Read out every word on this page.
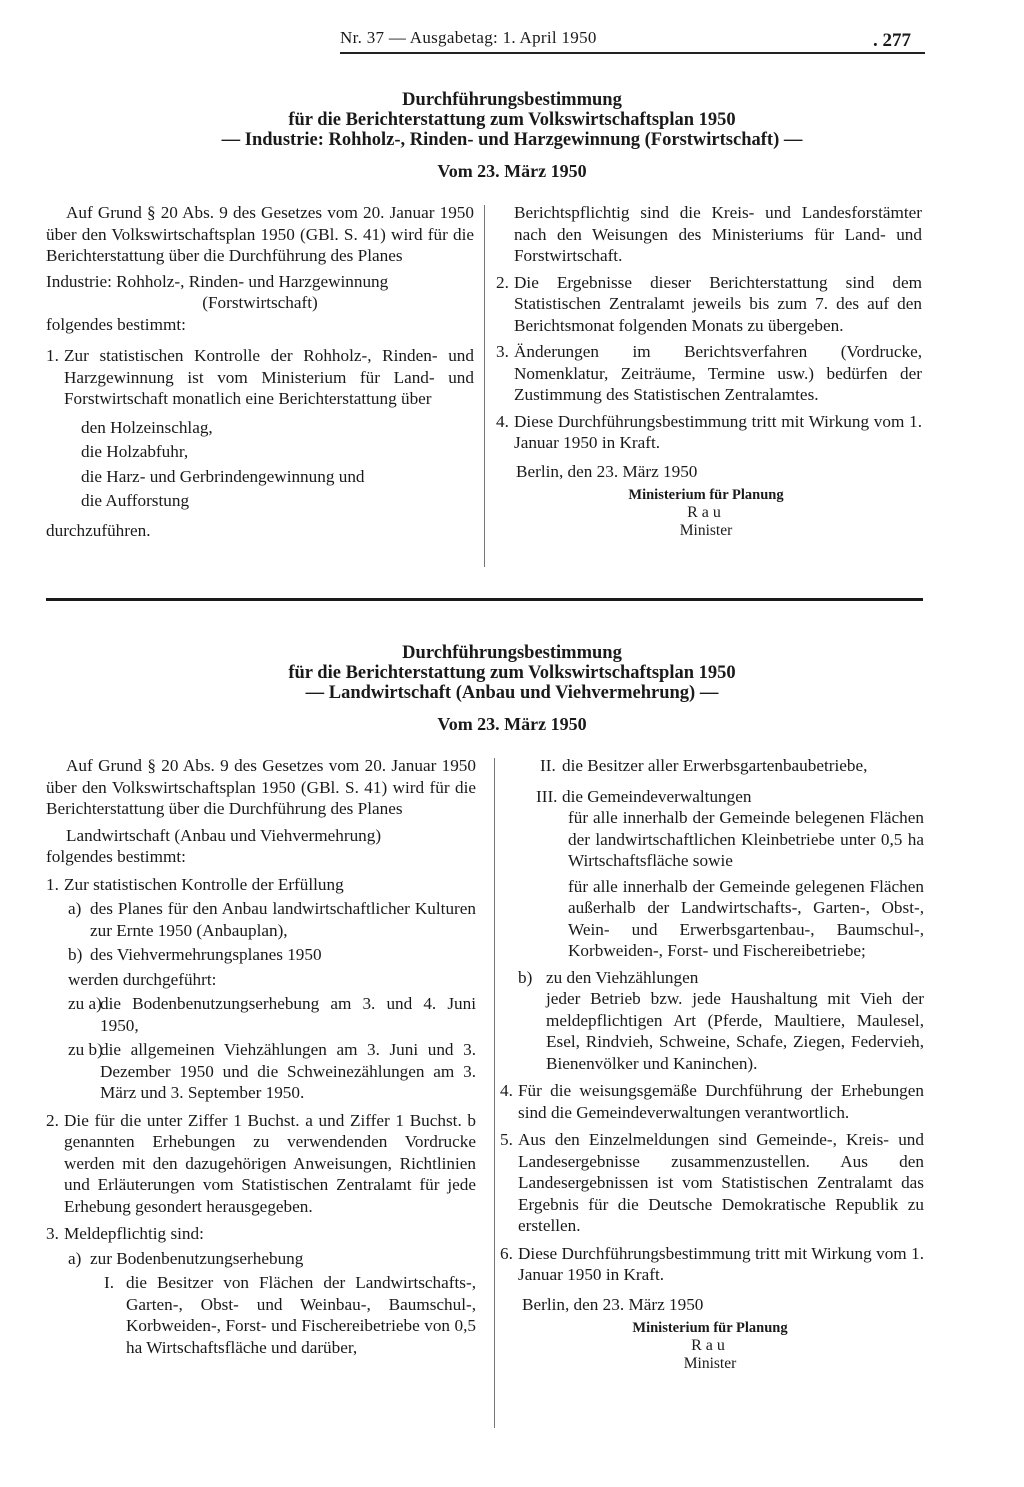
Nr. 37 — Ausgabetag: 1. April 1950	. 277
Durchführungsbestimmung
für die Berichterstattung zum Volkswirtschaftsplan 1950
— Industrie: Rohholz-, Rinden- und Harzgewinnung (Forstwirtschaft) —
Vom 23. März 1950

Auf Grund § 20 Abs. 9 des Gesetzes vom 20. Januar 1950 über den Volkswirtschaftsplan 1950 (GBl. S. 41) wird für die Berichterstattung über die Durchführung des Planes

Industrie: Rohholz-, Rinden- und Harzgewinnung

(Forstwirtschaft)

folgendes bestimmt:

1. Zur statistischen Kontrolle der Rohholz-, Rinden- und Harzgewinnung ist vom Ministerium für Land- und Forstwirtschaft monatlich eine Berichterstattung über
den Holzeinschlag,
die Holzabfuhr,
die Harz- und Gerbrindengewinnung und
die Aufforstung

durchzuführen.

Berichtspflichtig sind die Kreis- und Landesforstämter nach den Weisungen des Ministeriums für Land- und Forstwirtschaft.

2. Die Ergebnisse dieser Berichterstattung sind dem Statistischen Zentralamt jeweils bis zum 7. des auf den Berichtsmonat folgenden Monats zu übergeben.
3. Änderungen im Berichtsverfahren (Vordrucke, Nomenklatur, Zeiträume, Termine usw.) bedürfen der Zustimmung des Statistischen Zentralamtes.
4. Diese Durchführungsbestimmung tritt mit Wirkung vom 1. Januar 1950 in Kraft.

Berlin, den 23. März 1950

Ministerium für Planung
Rau
Minister
Durchführungsbestimmung
für die Berichterstattung zum Volkswirtschaftsplan 1950
— Landwirtschaft (Anbau und Viehvermehrung) —
Vom 23. März 1950

Auf Grund § 20 Abs. 9 des Gesetzes vom 20. Januar 1950 über den Volkswirtschaftsplan 1950 (GBl. S. 41) wird für die Berichterstattung über die Durchführung des Planes

Landwirtschaft (Anbau und Viehvermehrung)

folgendes bestimmt:

1. Zur statistischen Kontrolle der Erfüllung
a) des Planes für den Anbau landwirtschaftlicher Kulturen zur Ernte 1950 (Anbauplan),
b) des Viehvermehrungsplanes 1950

werden durchgeführt:

zu a)
die Bodenbenutzungserhebung am 3. und 4. Juni 1950,
zu b)
die allgemeinen Viehzählungen am 3. Juni und 3. Dezember 1950 und die Schweinezählungen am 3. März und 3. September 1950.
2. Die für die unter Ziffer 1 Buchst. a und Ziffer 1 Buchst. b genannten Erhebungen zu verwendenden Vordrucke werden mit den dazugehörigen Anweisungen, Richtlinien und Erläuterungen vom Statistischen Zentralamt für jede Erhebung gesondert herausgegeben.
3. Meldepflichtig sind:
a) zur Bodenbenutzungserhebung
I. die Besitzer von Flächen der Landwirtschafts-, Garten-, Obst- und Weinbau-, Baumschul-, Korbweiden-, Forst- und Fischereibetriebe von 0,5 ha Wirtschaftsfläche und darüber,
II. die Besitzer aller Erwerbsgartenbaubetriebe,
III. die Gemeindeverwaltungen

für alle innerhalb der Gemeinde belegenen Flächen der landwirtschaftlichen Kleinbetriebe unter 0,5 ha Wirtschaftsfläche sowie

für alle innerhalb der Gemeinde gelegenen Flächen außerhalb der Landwirtschafts-, Garten-, Obst-, Wein- und Erwerbsgartenbau-, Baumschul-, Korbweiden-, Forst- und Fischereibetriebe;

b) zu den Viehzählungen

jeder Betrieb bzw. jede Haushaltung mit Vieh der meldepflichtigen Art (Pferde, Maultiere, Maulesel, Esel, Rindvieh, Schweine, Schafe, Ziegen, Federvieh, Bienenvölker und Kaninchen).

4. Für die weisungsgemäße Durchführung der Erhebungen sind die Gemeindeverwaltungen verantwortlich.
5. Aus den Einzelmeldungen sind Gemeinde-, Kreis- und Landesergebnisse zusammenzustellen. Aus den Landesergebnissen ist vom Statistischen Zentralamt das Ergebnis für die Deutsche Demokratische Republik zu erstellen.
6. Diese Durchführungsbestimmung tritt mit Wirkung vom 1. Januar 1950 in Kraft.

Berlin, den 23. März 1950

Ministerium für Planung
Rau
Minister
